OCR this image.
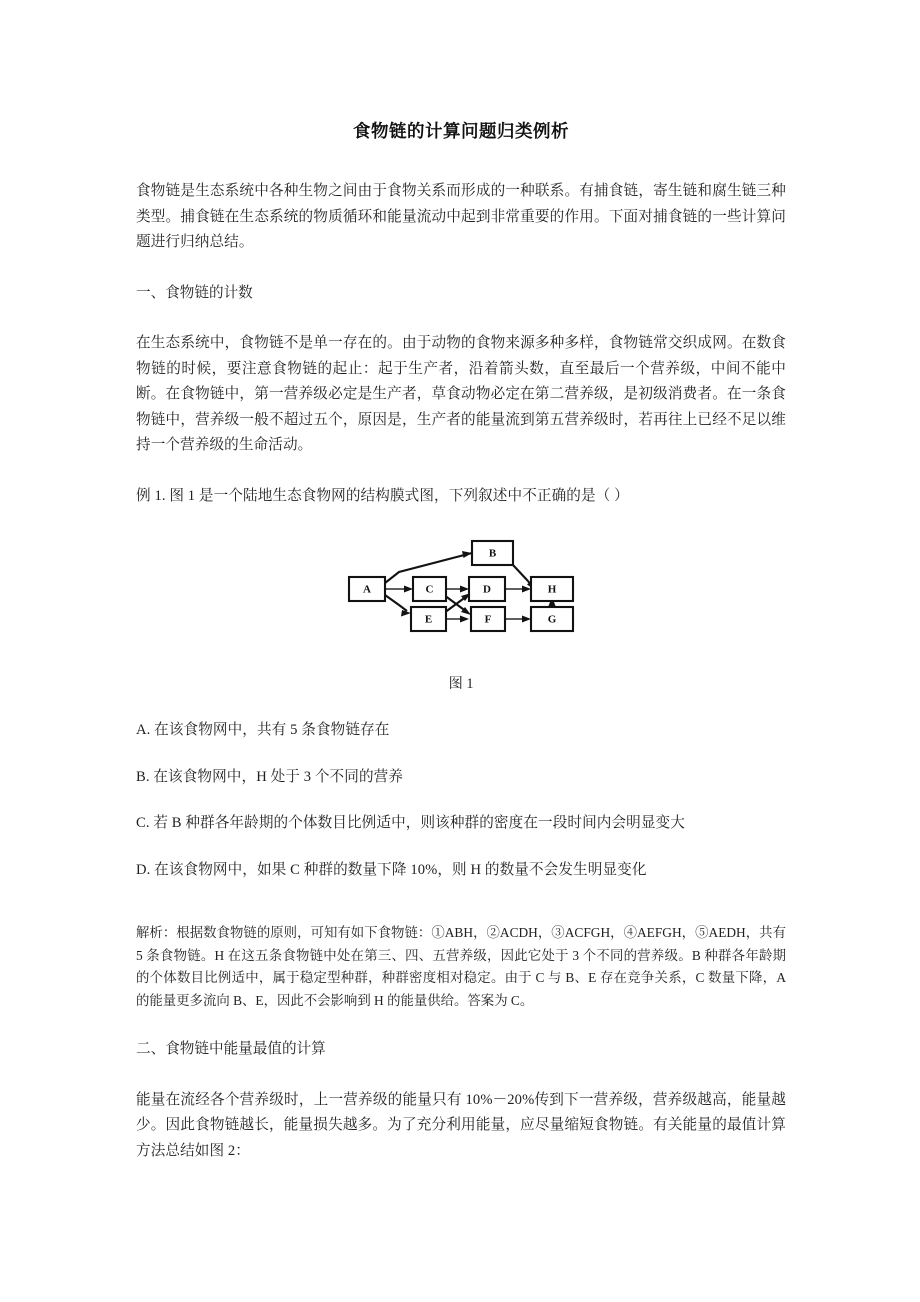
食物链的计算问题归类例析

食物链是生态系统中各种生物之间由于食物关系而形成的一种联系。有捕食链，寄生链和腐生链三种类型。捕食链在生态系统的物质循环和能量流动中起到非常重要的作用。下面对捕食链的一些计算问题进行归纳总结。

一、食物链的计数

在生态系统中，食物链不是单一存在的。由于动物的食物来源多种多样，食物链常交织成网。在数食物链的时候，要注意食物链的起止：起于生产者，沿着箭头数，直至最后一个营养级，中间不能中断。在食物链中，第一营养级必定是生产者，草食动物必定在第二营养级，是初级消费者。在一条食物链中，营养级一般不超过五个，原因是，生产者的能量流到第五营养级时，若再往上已经不足以维持一个营养级的生命活动。

例 1. 图 1 是一个陆地生态食物网的结构膜式图，下列叙述中不正确的是（ ）

A
B
C	D
E	F
H
G

图 1

A. 在该食物网中，共有 5 条食物链存在

B. 在该食物网中，H 处于 3 个不同的营养

C. 若 B 种群各年龄期的个体数目比例适中，则该种群的密度在一段时间内会明显变大

D. 在该食物网中，如果 C 种群的数量下降 10%，则 H 的数量不会发生明显变化

解析：根据数食物链的原则，可知有如下食物链：①ABH，②ACDH，③ACFGH，④AEFGH，⑤AEDH，共有 5 条食物链。H 在这五条食物链中处在第三、四、五营养级，因此它处于 3 个不同的营养级。B 种群各年龄期的个体数目比例适中，属于稳定型种群，种群密度相对稳定。由于 C 与 B、E 存在竞争关系，C 数量下降，A 的能量更多流向 B、E，因此不会影响到 H 的能量供给。答案为 C。

二、食物链中能量最值的计算

能量在流经各个营养级时，上一营养级的能量只有 10%－20%传到下一营养级，营养级越高，能量越少。因此食物链越长，能量损失越多。为了充分利用能量，应尽量缩短食物链。有关能量的最值计算方法总结如图 2：
